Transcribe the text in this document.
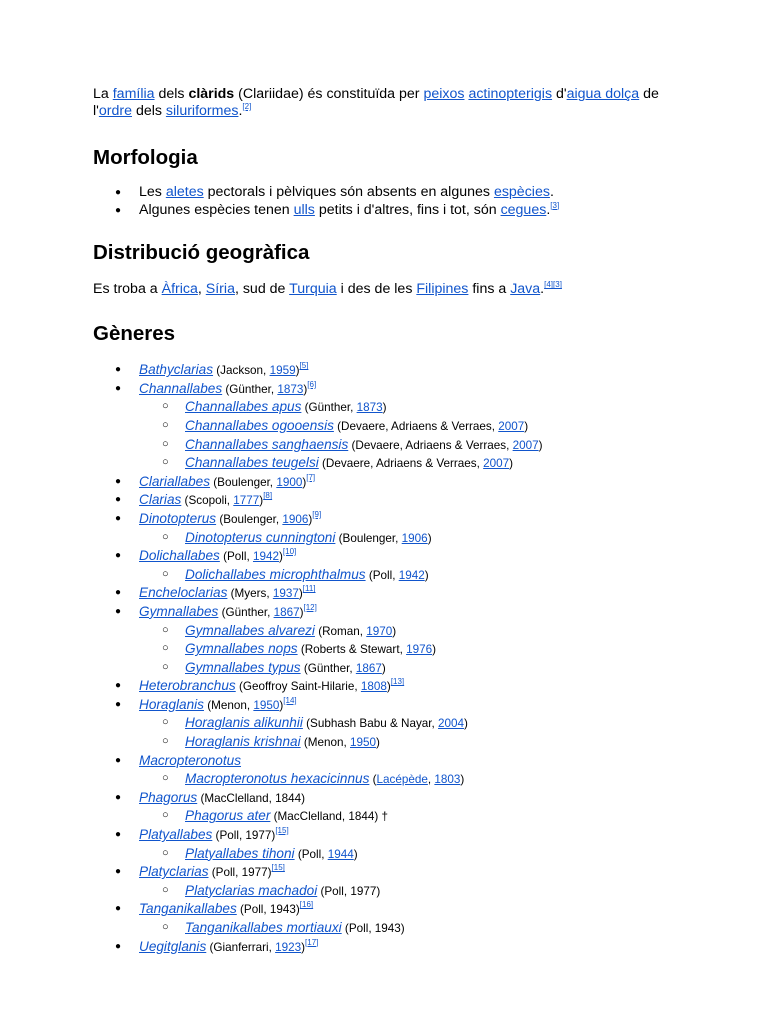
La família dels clàrids (Clariidae) és constituïda per peixos actinopterigis d'aigua dolça de l'ordre dels siluriformes.[2]

Morfologia
● Les aletes pectorals i pèlviques són absents en algunes espècies.
● Algunes espècies tenen ulls petits i d'altres, fins i tot, són cegues.[3]
Distribució geogràfica

Es troba a Àfrica, Síria, sud de Turquia i des de les Filipines fins a Java.[4][3]

Gèneres
● Bathyclarias (Jackson, 1959)[5]
● Channallabes (Günther, 1873)[6]
○ Channallabes apus (Günther, 1873)
○ Channallabes ogooensis (Devaere, Adriaens & Verraes, 2007)
○ Channallabes sanghaensis (Devaere, Adriaens & Verraes, 2007)
○ Channallabes teugelsi (Devaere, Adriaens & Verraes, 2007)
● Clariallabes (Boulenger, 1900)[7]
● Clarias (Scopoli, 1777)[8]
● Dinotopterus (Boulenger, 1906)[9]
○ Dinotopterus cunningtoni (Boulenger, 1906)
● Dolichallabes (Poll, 1942)[10]
○ Dolichallabes microphthalmus (Poll, 1942)
● Encheloclarias (Myers, 1937)[11]
● Gymnallabes (Günther, 1867)[12]
○ Gymnallabes alvarezi (Roman, 1970)
○ Gymnallabes nops (Roberts & Stewart, 1976)
○ Gymnallabes typus (Günther, 1867)
● Heterobranchus (Geoffroy Saint-Hilarie, 1808)[13]
● Horaglanis (Menon, 1950)[14]
○ Horaglanis alikunhii (Subhash Babu & Nayar, 2004)
○ Horaglanis krishnai (Menon, 1950)
● Macropteronotus
○ Macropteronotus hexacicinnus (Lacépède, 1803)
● Phagorus (MacClelland, 1844)
○ Phagorus ater (MacClelland, 1844) †
● Platyallabes (Poll, 1977)[15]
○ Platyallabes tihoni (Poll, 1944)
● Platyclarias (Poll, 1977)[15]
○ Platyclarias machadoi (Poll, 1977)
● Tanganikallabes (Poll, 1943)[16]
○ Tanganikallabes mortiauxi (Poll, 1943)
● Uegitglanis (Gianferrari, 1923)[17]
